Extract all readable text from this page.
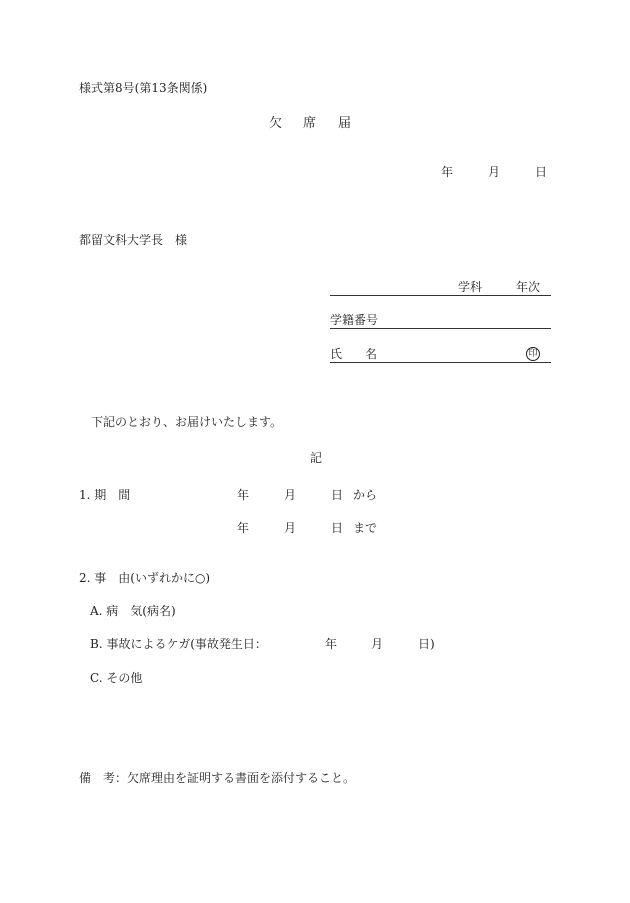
様式第8号(第13条関係)
欠 席 届
年	月	日
都留文科大学長　様
学科	年次
学籍番号
氏 名	印
下記のとおり、お届けいたします。
記
1. 期　間	年	月	日 から
年	月	日 まで
2. 事　由(いずれかに○)
A. 病　気(病名)
B. 事故によるケガ(事故発生日：	年	月	日)
C. その他
備　考：欠席理由を証明する書面を添付すること。
